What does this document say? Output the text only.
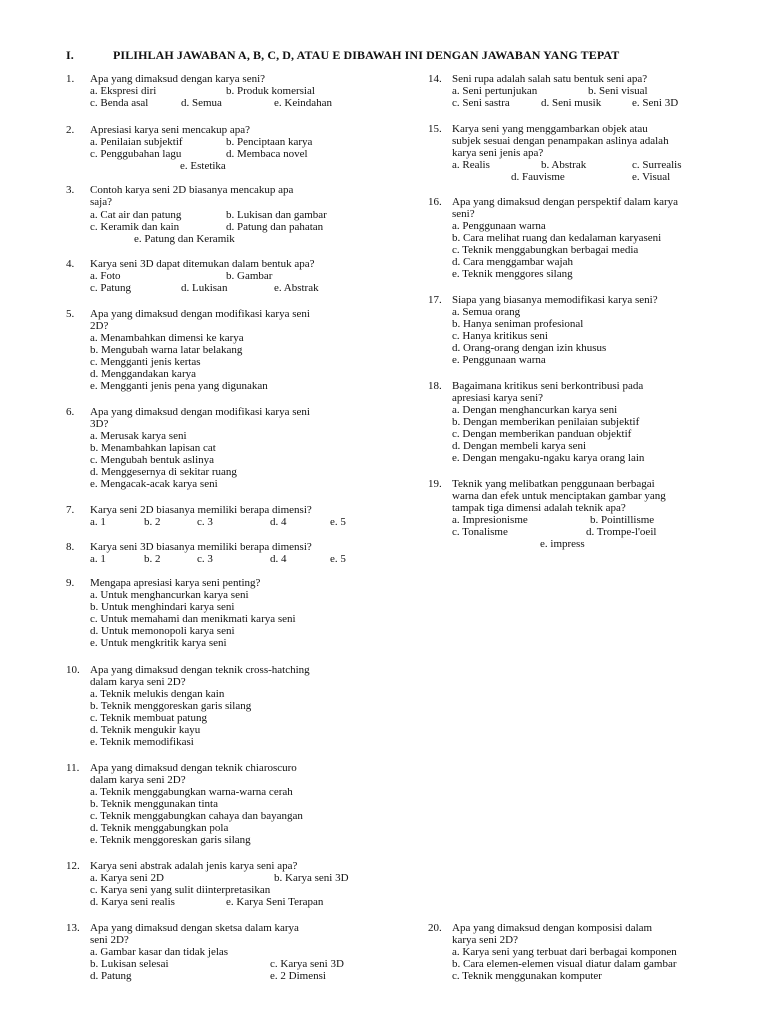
I.	PILIHLAH JAWABAN A, B, C, D, ATAU E DIBAWAH INI DENGAN JAWABAN YANG TEPAT
1. Apa yang dimaksud dengan karya seni?
a. Ekspresi diri	b. Produk komersial
c. Benda asal	d. Semua	e. Keindahan
2. Apresiasi karya seni mencakup apa?
a. Penilaian subjektif	b. Penciptaan karya
c. Penggubahan lagu	d. Membaca novel
e. Estetika
3. Contoh karya seni 2D biasanya mencakup apa
saja?
a. Cat air dan patung	b. Lukisan dan gambar
c. Keramik dan kain	d. Patung dan pahatan
e. Patung dan Keramik
4. Karya seni 3D dapat ditemukan dalam bentuk apa?
a. Foto	b. Gambar
c. Patung	d. Lukisan	e. Abstrak
5. Apa yang dimaksud dengan modifikasi karya seni
2D?
a. Menambahkan dimensi ke karya
b. Mengubah warna latar belakang
c. Mengganti jenis kertas
d. Menggandakan karya
e. Mengganti jenis pena yang digunakan
6. Apa yang dimaksud dengan modifikasi karya seni
3D?
a. Merusak karya seni
b. Menambahkan lapisan cat
c. Mengubah bentuk aslinya
d. Menggesernya di sekitar ruang
e. Mengacak-acak karya seni
7. Karya seni 2D biasanya memiliki berapa dimensi?
a. 1	b. 2	c. 3	d. 4	e. 5
8. Karya seni 3D biasanya memiliki berapa dimensi?
a. 1	b. 2	c. 3	d. 4	e. 5
9. Mengapa apresiasi karya seni penting?
a. Untuk menghancurkan karya seni
b. Untuk menghindari karya seni
c. Untuk memahami dan menikmati karya seni
d. Untuk memonopoli karya seni
e. Untuk mengkritik karya seni
10. Apa yang dimaksud dengan teknik cross-hatching
dalam karya seni 2D?
a. Teknik melukis dengan kain
b. Teknik menggoreskan garis silang
c. Teknik membuat patung
d. Teknik mengukir kayu
e. Teknik memodifikasi
11. Apa yang dimaksud dengan teknik chiaroscuro
dalam karya seni 2D?
a. Teknik menggabungkan warna-warna cerah
b. Teknik menggunakan tinta
c. Teknik menggabungkan cahaya dan bayangan
d. Teknik menggabungkan pola
e. Teknik menggoreskan garis silang
12. Karya seni abstrak adalah jenis karya seni apa?
a. Karya seni 2D	b. Karya seni 3D
c. Karya seni yang sulit diinterpretasikan
d. Karya seni realis	e. Karya Seni Terapan
13. Apa yang dimaksud dengan sketsa dalam karya
seni 2D?
a. Gambar kasar dan tidak jelas
b. Lukisan selesai	c. Karya seni 3D
d. Patung	e. 2 Dimensi
14. Seni rupa adalah salah satu bentuk seni apa?
a. Seni pertunjukan	b. Seni visual
c. Seni sastra	d. Seni musik	e. Seni 3D
15. Karya seni yang menggambarkan objek atau
subjek sesuai dengan penampakan aslinya adalah
karya seni jenis apa?
a. Realis	b. Abstrak	c. Surrealis
d. Fauvisme	e. Visual
16. Apa yang dimaksud dengan perspektif dalam karya
seni?
a. Penggunaan warna
b. Cara melihat ruang dan kedalaman karyaseni
c. Teknik menggabungkan berbagai media
d. Cara menggambar wajah
e. Teknik menggores silang
17. Siapa yang biasanya memodifikasi karya seni?
a. Semua orang
b. Hanya seniman profesional
c. Hanya kritikus seni
d. Orang-orang dengan izin khusus
e. Penggunaan warna
18. Bagaimana kritikus seni berkontribusi pada
apresiasi karya seni?
a. Dengan menghancurkan karya seni
b. Dengan memberikan penilaian subjektif
c. Dengan memberikan panduan objektif
d. Dengan membeli karya seni
e. Dengan mengaku-ngaku karya orang lain
19. Teknik yang melibatkan penggunaan berbagai
warna dan efek untuk menciptakan gambar yang
tampak tiga dimensi adalah teknik apa?
a. Impresionisme	b. Pointillisme
c. Tonalisme	d. Trompe-l'oeil
e. impress
20. Apa yang dimaksud dengan komposisi dalam
karya seni 2D?
a. Karya seni yang terbuat dari berbagai komponen
b. Cara elemen-elemen visual diatur dalam gambar
c. Teknik menggunakan komputer
